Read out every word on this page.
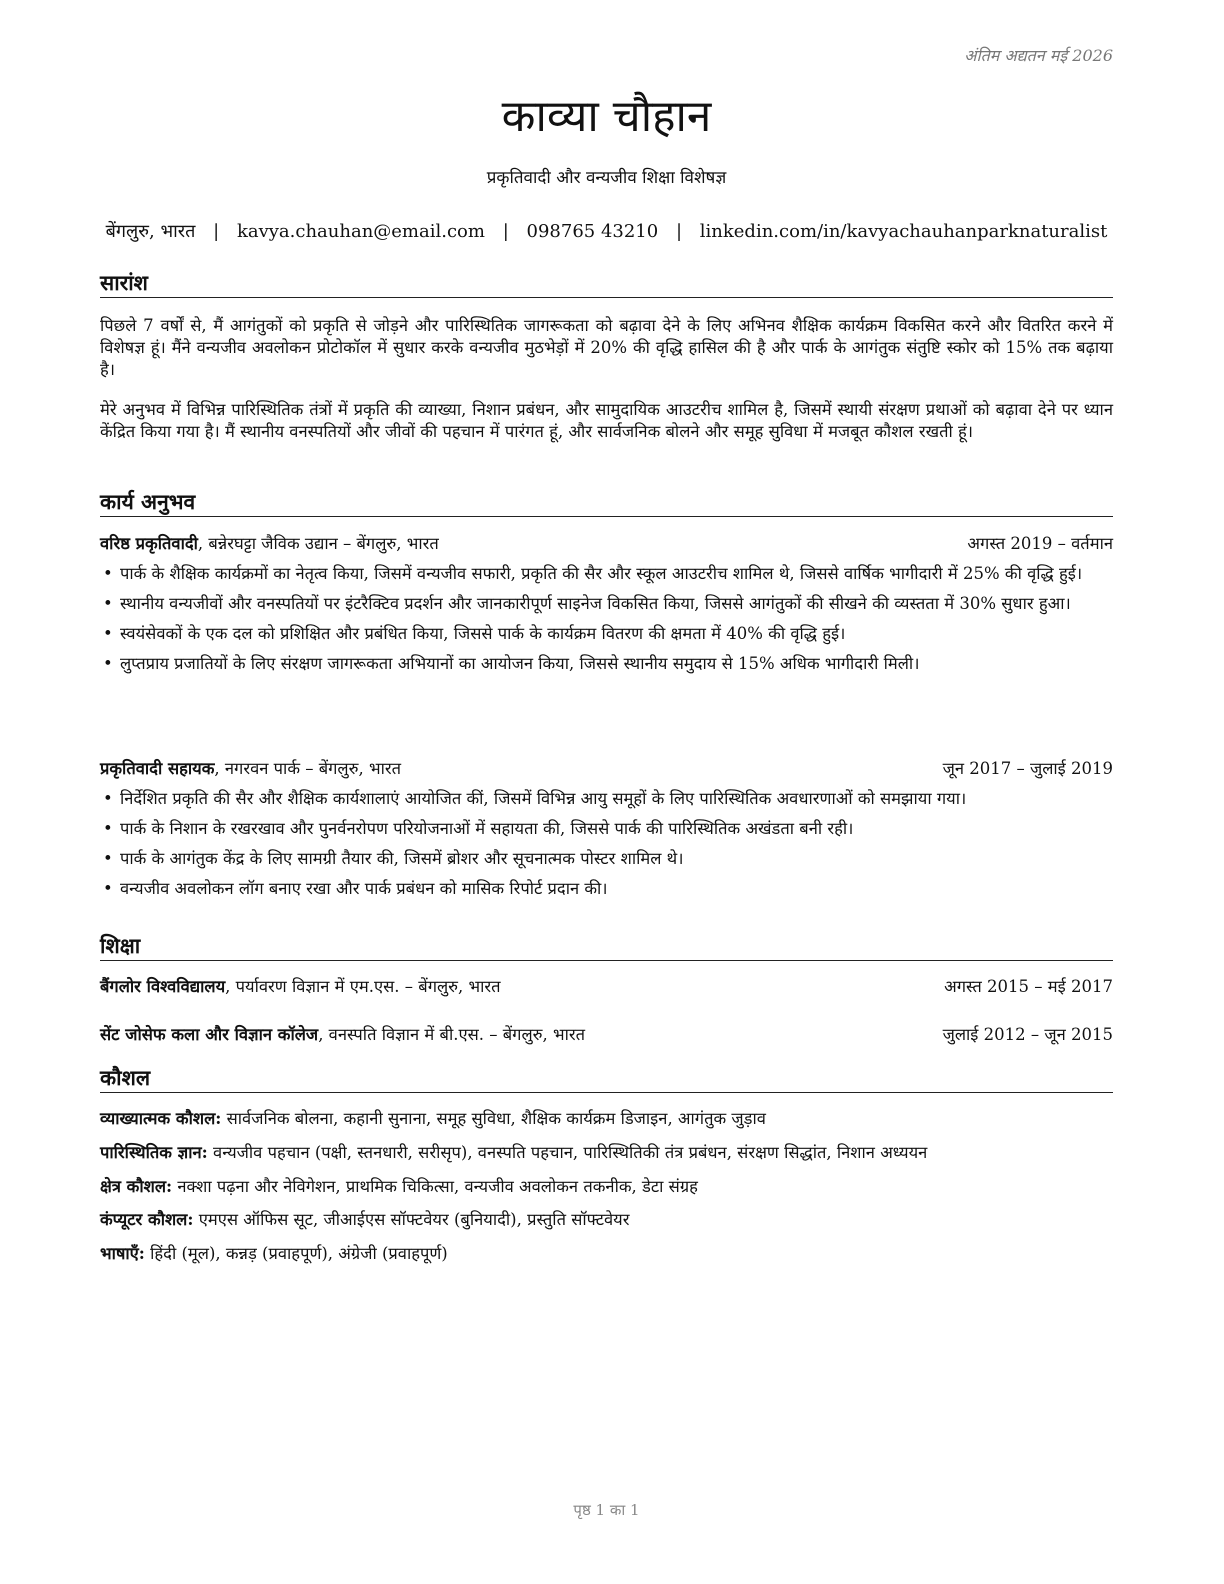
अंतिम अद्यतन मई 2026
काव्या चौहान
प्रकृतिवादी और वन्यजीव शिक्षा विशेषज्ञ
बेंगलुरु, भारत | kavya.chauhan@email.com | 098765 43210 | linkedin.com/in/kavyachauhanparknaturalist
सारांश
पिछले 7 वर्षों से, मैं आगंतुकों को प्रकृति से जोड़ने और पारिस्थितिक जागरूकता को बढ़ावा देने के लिए अभिनव शैक्षिक कार्यक्रम विकसित करने और वितरित करने में विशेषज्ञ हूं। मैंने वन्यजीव अवलोकन प्रोटोकॉल में सुधार करके वन्यजीव मुठभेड़ों में 20% की वृद्धि हासिल की है और पार्क के आगंतुक संतुष्टि स्कोर को 15% तक बढ़ाया है।
मेरे अनुभव में विभिन्न पारिस्थितिक तंत्रों में प्रकृति की व्याख्या, निशान प्रबंधन, और सामुदायिक आउटरीच शामिल है, जिसमें स्थायी संरक्षण प्रथाओं को बढ़ावा देने पर ध्यान केंद्रित किया गया है। मैं स्थानीय वनस्पतियों और जीवों की पहचान में पारंगत हूं, और सार्वजनिक बोलने और समूह सुविधा में मजबूत कौशल रखती हूं।
कार्य अनुभव
वरिष्ठ प्रकृतिवादी, बन्नेरघट्टा जैविक उद्यान – बेंगलुरु, भारत	अगस्त 2019 – वर्तमान
• पार्क के शैक्षिक कार्यक्रमों का नेतृत्व किया, जिसमें वन्यजीव सफारी, प्रकृति की सैर और स्कूल आउटरीच शामिल थे, जिससे वार्षिक भागीदारी में 25% की वृद्धि हुई।
• स्थानीय वन्यजीवों और वनस्पतियों पर इंटरैक्टिव प्रदर्शन और जानकारीपूर्ण साइनेज विकसित किया, जिससे आगंतुकों की सीखने की व्यस्तता में 30% सुधार हुआ।
• स्वयंसेवकों के एक दल को प्रशिक्षित और प्रबंधित किया, जिससे पार्क के कार्यक्रम वितरण की क्षमता में 40% की वृद्धि हुई।
• लुप्तप्राय प्रजातियों के लिए संरक्षण जागरूकता अभियानों का आयोजन किया, जिससे स्थानीय समुदाय से 15% अधिक भागीदारी मिली।
प्रकृतिवादी सहायक, नगरवन पार्क – बेंगलुरु, भारत	जून 2017 – जुलाई 2019
• निर्देशित प्रकृति की सैर और शैक्षिक कार्यशालाएं आयोजित कीं, जिसमें विभिन्न आयु समूहों के लिए पारिस्थितिक अवधारणाओं को समझाया गया।
• पार्क के निशान के रखरखाव और पुनर्वनरोपण परियोजनाओं में सहायता की, जिससे पार्क की पारिस्थितिक अखंडता बनी रही।
• पार्क के आगंतुक केंद्र के लिए सामग्री तैयार की, जिसमें ब्रोशर और सूचनात्मक पोस्टर शामिल थे।
• वन्यजीव अवलोकन लॉग बनाए रखा और पार्क प्रबंधन को मासिक रिपोर्ट प्रदान की।
शिक्षा
बैंगलोर विश्वविद्यालय, पर्यावरण विज्ञान में एम.एस. – बेंगलुरु, भारत	अगस्त 2015 – मई 2017
सेंट जोसेफ कला और विज्ञान कॉलेज, वनस्पति विज्ञान में बी.एस. – बेंगलुरु, भारत	जुलाई 2012 – जून 2015
कौशल
व्याख्यात्मक कौशल: सार्वजनिक बोलना, कहानी सुनाना, समूह सुविधा, शैक्षिक कार्यक्रम डिजाइन, आगंतुक जुड़ाव
पारिस्थितिक ज्ञान: वन्यजीव पहचान (पक्षी, स्तनधारी, सरीसृप), वनस्पति पहचान, पारिस्थितिकी तंत्र प्रबंधन, संरक्षण सिद्धांत, निशान अध्ययन
क्षेत्र कौशल: नक्शा पढ़ना और नेविगेशन, प्राथमिक चिकित्सा, वन्यजीव अवलोकन तकनीक, डेटा संग्रह
कंप्यूटर कौशल: एमएस ऑफिस सूट, जीआईएस सॉफ्टवेयर (बुनियादी), प्रस्तुति सॉफ्टवेयर
भाषाएँ: हिंदी (मूल), कन्नड़ (प्रवाहपूर्ण), अंग्रेजी (प्रवाहपूर्ण)
पृष्ठ 1 का 1
